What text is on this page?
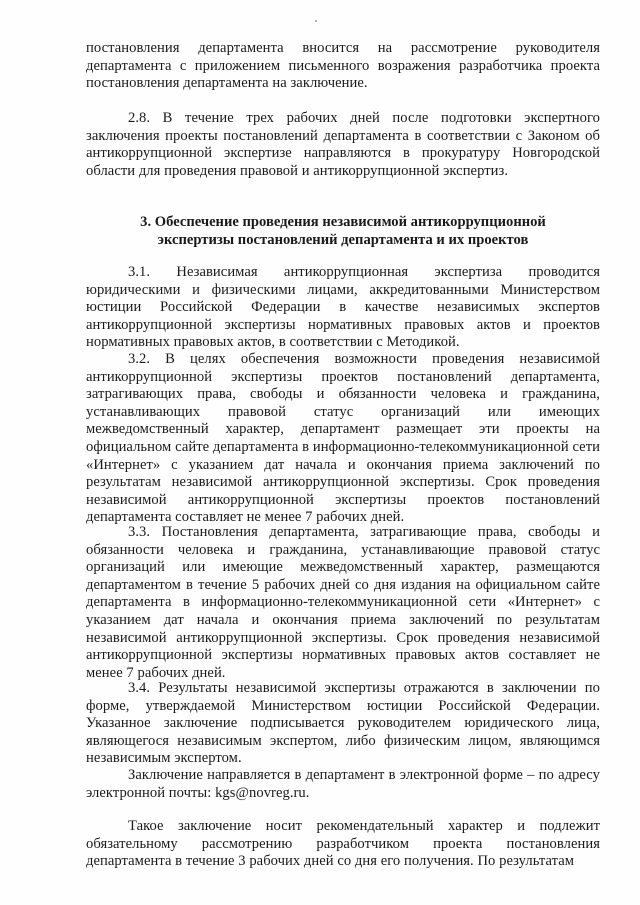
постановления департамента вносится на рассмотрение руководителя департамента с приложением письменного возражения разработчика проекта постановления департамента на заключение.

2.8. В течение трех рабочих дней после подготовки экспертного заключения проекты постановлений департамента в соответствии с Законом об антикоррупционной экспертизе направляются в прокуратуру Новгородской области для проведения правовой и антикоррупционной экспертиз.

3. Обеспечение проведения независимой антикоррупционной
экспертизы постановлений департамента и их проектов

3.1. Независимая антикоррупционная экспертиза проводится юридическими и физическими лицами, аккредитованными Министерством юстиции Российской Федерации в качестве независимых экспертов антикоррупционной экспертизы нормативных правовых актов и проектов нормативных правовых актов, в соответствии с Методикой.

3.2. В целях обеспечения возможности проведения независимой антикоррупционной экспертизы проектов постановлений департамента, затрагивающих права, свободы и обязанности человека и гражданина, устанавливающих правовой статус организаций или имеющих межведомственный характер, департамент размещает эти проекты на официальном сайте департамента в информационно-телекоммуникационной сети «Интернет» с указанием дат начала и окончания приема заключений по результатам независимой антикоррупционной экспертизы. Срок проведения независимой антикоррупционной экспертизы проектов постановлений департамента составляет не менее 7 рабочих дней.

3.3. Постановления департамента, затрагивающие права, свободы и обязанности человека и гражданина, устанавливающие правовой статус организаций или имеющие межведомственный характер, размещаются департаментом в течение 5 рабочих дней со дня издания на официальном сайте департамента в информационно-телекоммуникационной сети «Интернет» с указанием дат начала и окончания приема заключений по результатам независимой антикоррупционной экспертизы. Срок проведения независимой антикоррупционной экспертизы нормативных правовых актов составляет не менее 7 рабочих дней.

3.4. Результаты независимой экспертизы отражаются в заключении по форме, утверждаемой Министерством юстиции Российской Федерации. Указанное заключение подписывается руководителем юридического лица, являющегося независимым экспертом, либо физическим лицом, являющимся независимым экспертом.

Заключение направляется в департамент в электронной форме – по адресу электронной почты: kgs@novreg.ru.

Такое заключение носит рекомендательный характер и подлежит обязательному рассмотрению разработчиком проекта постановления департамента в течение 3 рабочих дней со дня его получения. По результатам
